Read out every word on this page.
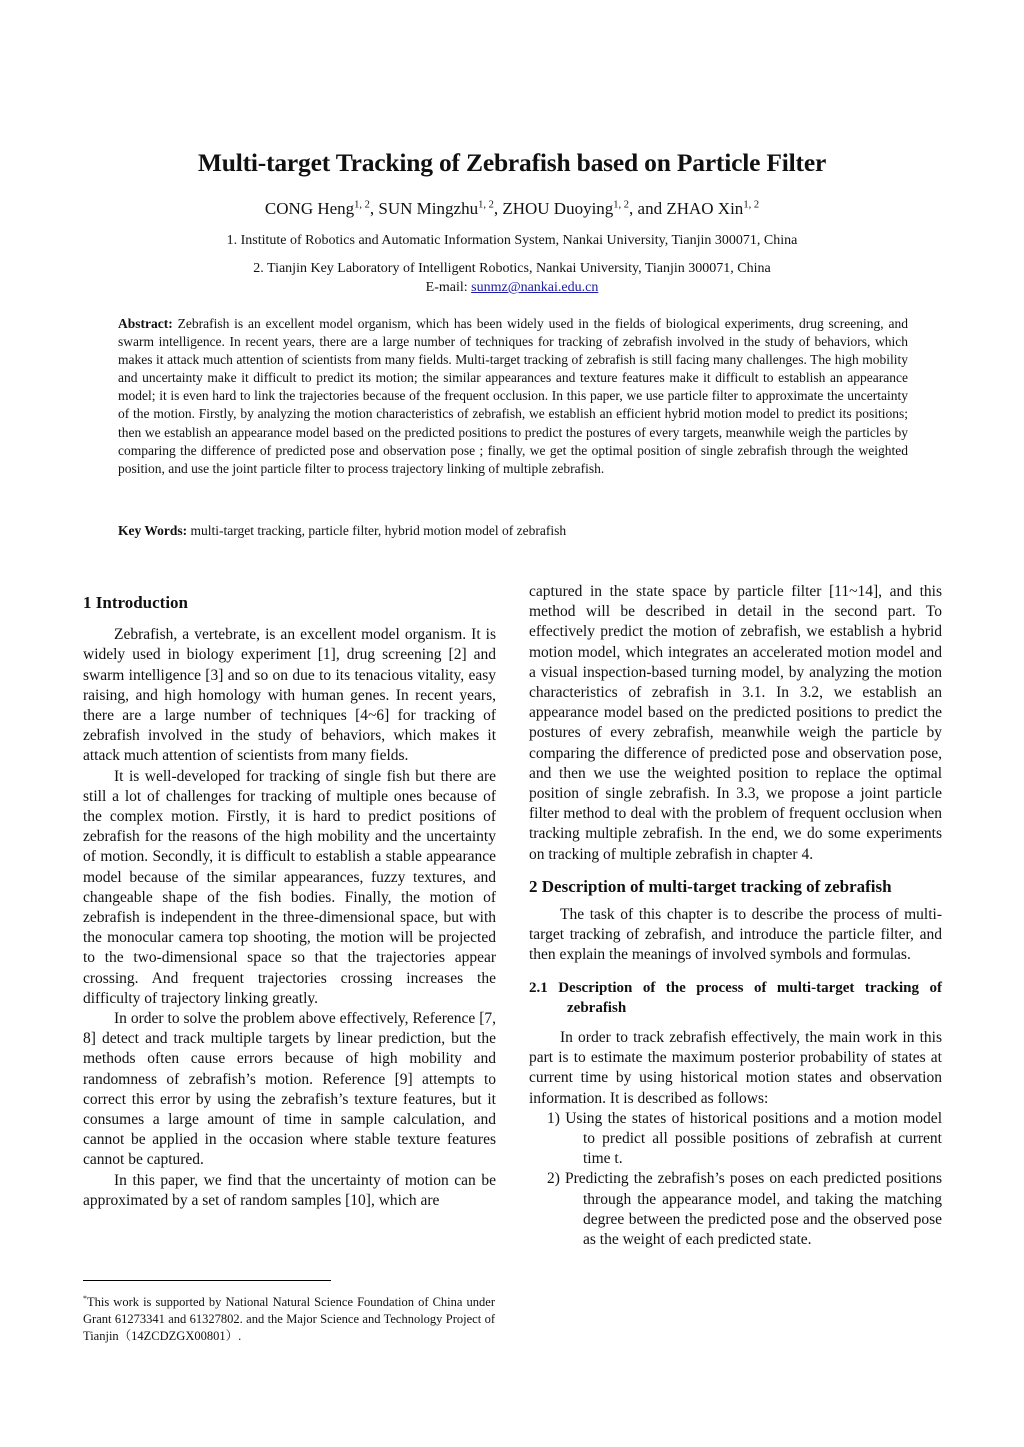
Multi-target Tracking of Zebrafish based on Particle Filter
CONG Heng$^{1, 2}$, SUN Mingzhu$^{1, 2}$, ZHOU Duoying$^{1, 2}$, and ZHAO Xin$^{1, 2}$
1. Institute of Robotics and Automatic Information System, Nankai University, Tianjin 300071, China
2. Tianjin Key Laboratory of Intelligent Robotics, Nankai University, Tianjin 300071, China
E-mail: sunmz@nankai.edu.cn
Abstract: Zebrafish is an excellent model organism, which has been widely used in the fields of biological experiments, drug screening, and swarm intelligence. In recent years, there are a large number of techniques for tracking of zebrafish involved in the study of behaviors, which makes it attack much attention of scientists from many fields. Multi-target tracking of zebrafish is still facing many challenges. The high mobility and uncertainty make it difficult to predict its motion; the similar appearances and texture features make it difficult to establish an appearance model; it is even hard to link the trajectories because of the frequent occlusion. In this paper, we use particle filter to approximate the uncertainty of the motion. Firstly, by analyzing the motion characteristics of zebrafish, we establish an efficient hybrid motion model to predict its positions; then we establish an appearance model based on the predicted positions to predict the postures of every targets, meanwhile weigh the particles by comparing the difference of predicted pose and observation pose ; finally, we get the optimal position of single zebrafish through the weighted position, and use the joint particle filter to process trajectory linking of multiple zebrafish.
Key Words: multi-target tracking, particle filter, hybrid motion model of zebrafish

1 Introduction

Zebrafish, a vertebrate, is an excellent model organism. It is widely used in biology experiment [1], drug screening [2] and swarm intelligence [3] and so on due to its tenacious vitality, easy raising, and high homology with human genes. In recent years, there are a large number of techniques [4~6] for tracking of zebrafish involved in the study of behaviors, which makes it attack much attention of scientists from many fields.

It is well-developed for tracking of single fish but there are still a lot of challenges for tracking of multiple ones because of the complex motion. Firstly, it is hard to predict positions of zebrafish for the reasons of the high mobility and the uncertainty of motion. Secondly, it is difficult to establish a stable appearance model because of the similar appearances, fuzzy textures, and changeable shape of the fish bodies. Finally, the motion of zebrafish is independent in the three-dimensional space, but with the monocular camera top shooting, the motion will be projected to the two-dimensional space so that the trajectories appear crossing. And frequent trajectories crossing increases the difficulty of trajectory linking greatly.

In order to solve the problem above effectively, Reference [7, 8] detect and track multiple targets by linear prediction, but the methods often cause errors because of high mobility and randomness of zebrafish’s motion. Reference [9] attempts to correct this error by using the zebrafish’s texture features, but it consumes a large amount of time in sample calculation, and cannot be applied in the occasion where stable texture features cannot be captured.

In this paper, we find that the uncertainty of motion can be approximated by a set of random samples [10], which are

captured in the state space by particle filter [11~14], and this method will be described in detail in the second part. To effectively predict the motion of zebrafish, we establish a hybrid motion model, which integrates an accelerated motion model and a visual inspection-based turning model, by analyzing the motion characteristics of zebrafish in 3.1. In 3.2, we establish an appearance model based on the predicted positions to predict the postures of every zebrafish, meanwhile weigh the particle by comparing the difference of predicted pose and observation pose, and then we use the weighted position to replace the optimal position of single zebrafish. In 3.3, we propose a joint particle filter method to deal with the problem of frequent occlusion when tracking multiple zebrafish. In the end, we do some experiments on tracking of multiple zebrafish in chapter 4.

2 Description of multi-target tracking of zebrafish

The task of this chapter is to describe the process of multi-target tracking of zebrafish, and introduce the particle filter, and then explain the meanings of involved symbols and formulas.

2.1 Description of the process of multi-target tracking of zebrafish

In order to track zebrafish effectively, the main work in this part is to estimate the maximum posterior probability of states at current time by using historical motion states and observation information. It is described as follows:

1) Using the states of historical positions and a motion model to predict all possible positions of zebrafish at current time t.

2) Predicting the zebrafish’s poses on each predicted positions through the appearance model, and taking the matching degree between the predicted pose and the observed pose as the weight of each predicted state.

*This work is supported by National Natural Science Foundation of China under Grant 61273341 and 61327802. and the Major Science and Technology Project of Tianjin（14ZCDZGX00801）.
